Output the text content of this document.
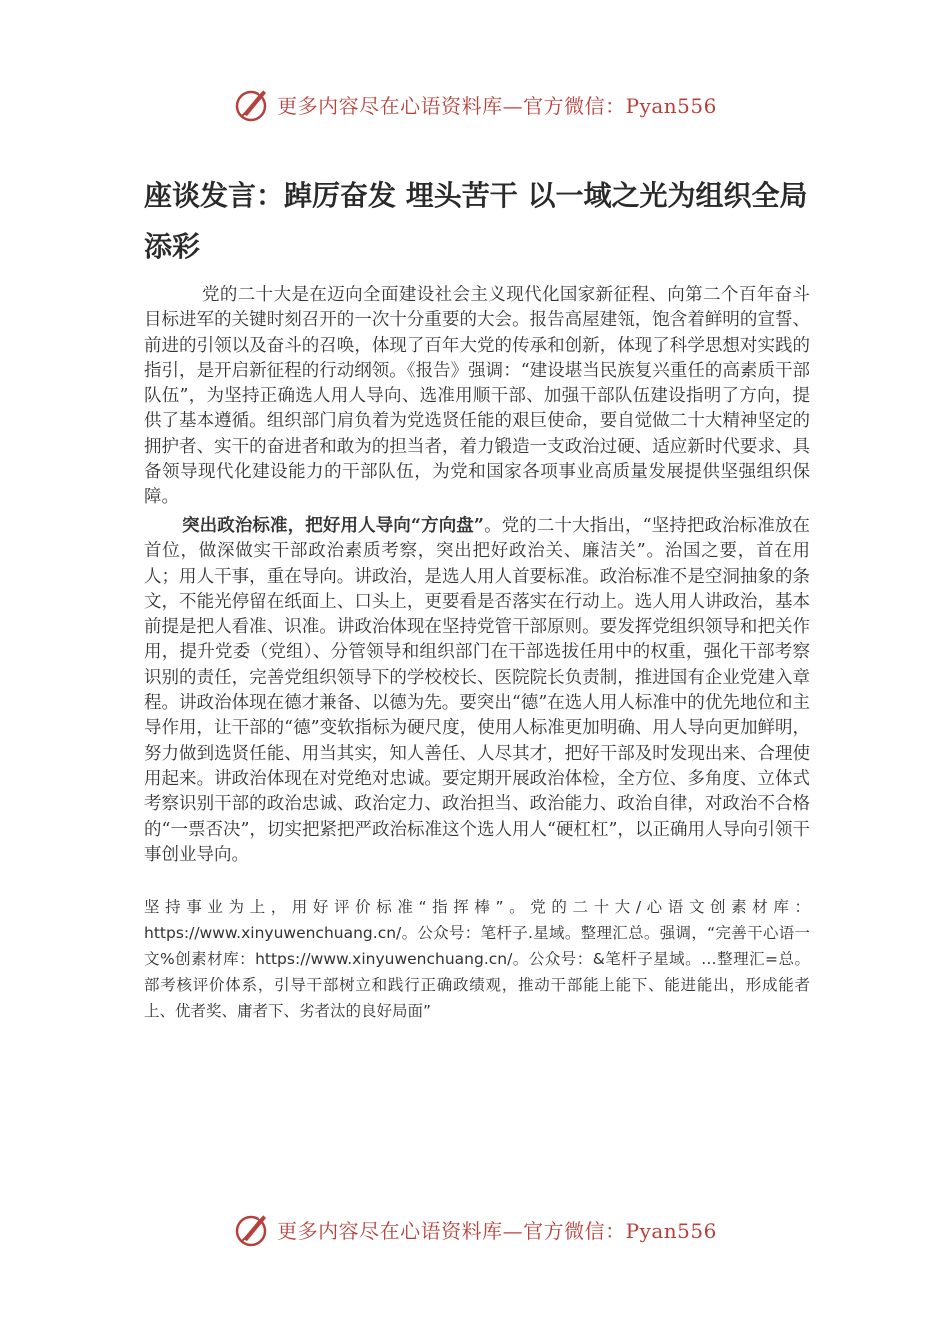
更多内容尽在心语资料库—官方微信：Pyan556
座谈发言：踔厉奋发 埋头苦干 以一域之光为组织全局添彩

党的二十大是在迈向全面建设社会主义现代化国家新征程、向第二个百年奋斗目标进军的关键时刻召开的一次十分重要的大会。报告高屋建瓴，饱含着鲜明的宣誓、前进的引领以及奋斗的召唤，体现了百年大党的传承和创新，体现了科学思想对实践的指引，是开启新征程的行动纲领。《报告》强调：“建设堪当民族复兴重任的高素质干部队伍”，为坚持正确选人用人导向、选准用顺干部、加强干部队伍建设指明了方向，提供了基本遵循。组织部门肩负着为党选贤任能的艰巨使命，要自觉做二十大精神坚定的拥护者、实干的奋进者和敢为的担当者，着力锻造一支政治过硬、适应新时代要求、具备领导现代化建设能力的干部队伍，为党和国家各项事业高质量发展提供坚强组织保障。

突出政治标准，把好用人导向“方向盘”。党的二十大指出，“坚持把政治标准放在首位，做深做实干部政治素质考察，突出把好政治关、廉洁关”。治国之要，首在用人；用人干事，重在导向。讲政治，是选人用人首要标准。政治标准不是空洞抽象的条文，不能光停留在纸面上、口头上，更要看是否落实在行动上。选人用人讲政治，基本前提是把人看准、识准。讲政治体现在坚持党管干部原则。要发挥党组织领导和把关作用，提升党委（党组）、分管领导和组织部门在干部选拔任用中的权重，强化干部考察识别的责任，完善党组织领导下的学校校长、医院院长负责制，推进国有企业党建入章程。讲政治体现在德才兼备、以德为先。要突出“德”在选人用人标准中的优先地位和主导作用，让干部的“德”变软指标为硬尺度，使用人标准更加明确、用人导向更加鲜明，努力做到选贤任能、用当其实，知人善任、人尽其才，把好干部及时发现出来、合理使用起来。讲政治体现在对党绝对忠诚。要定期开展政治体检，全方位、多角度、立体式考察识别干部的政治忠诚、政治定力、政治担当、政治能力、政治自律，对政治不合格的“一票否决”，切实把紧把严政治标准这个选人用人“硬杠杠”，以正确用人导向引领干事创业导向。

坚持事业为上，用好评价标准“指挥棒”。党的二十大/心语文创素材库：https://www.xinyuwenchuang.cn/。公众号：笔杆子.星域。整理汇总。强调，“完善干心语一文%创素材库：https://www.xinyuwenchuang.cn/。公众号：&笔杆子星域。…整理汇=总。部考核评价体系，引导干部树立和践行正确政绩观，推动干部能上能下、能进能出，形成能者上、优者奖、庸者下、劣者汰的良好局面”

更多内容尽在心语资料库—官方微信：Pyan556
